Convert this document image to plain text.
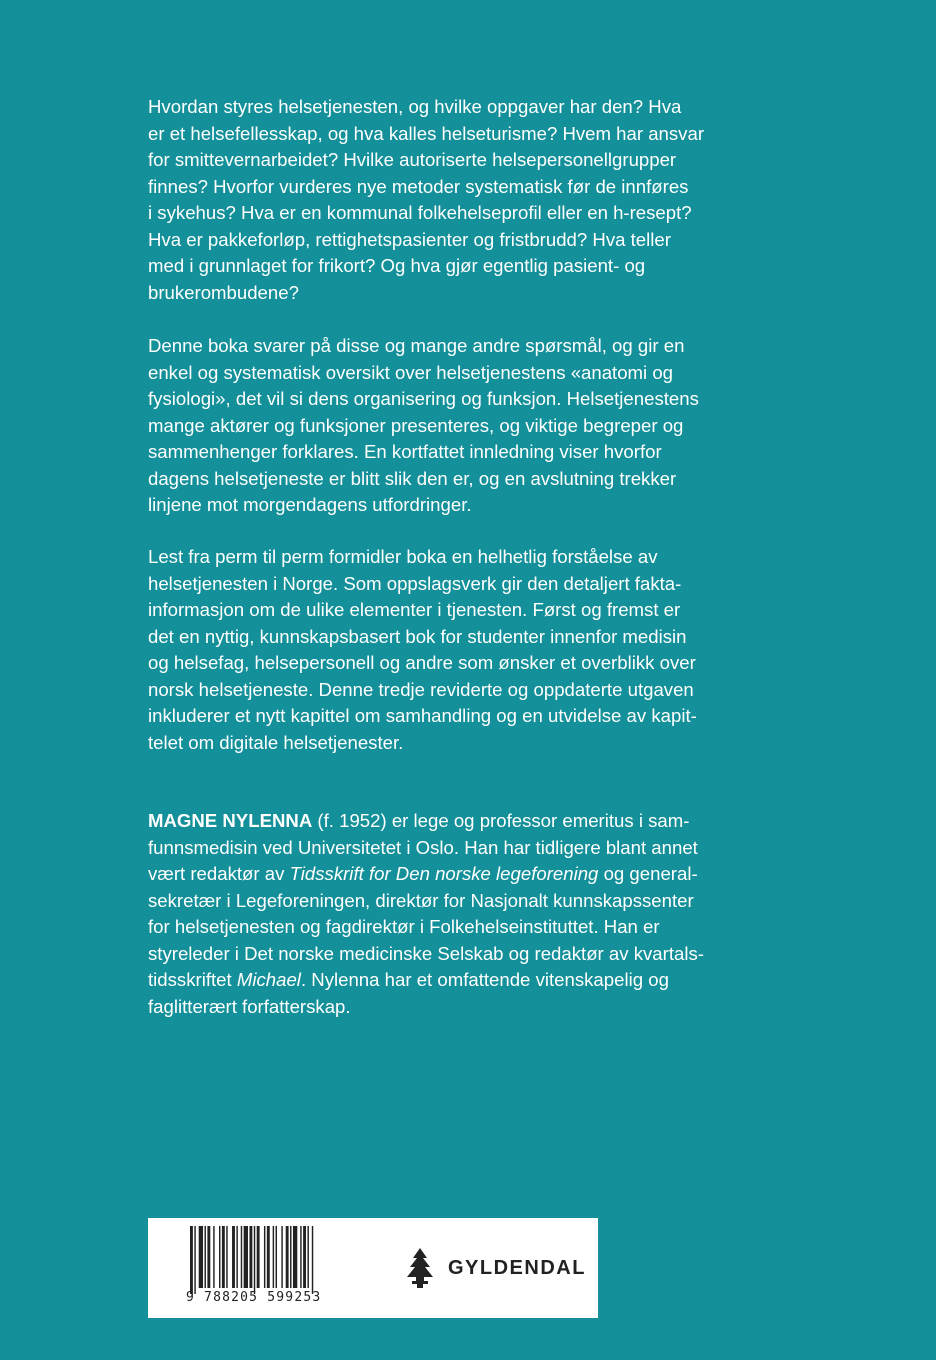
Hvordan styres helsetjenesten, og hvilke oppgaver har den? Hva
er et helsefellesskap, og hva kalles helseturisme? Hvem har ansvar
for smittevernarbeidet? Hvilke autoriserte helsepersonellgrupper
finnes? Hvorfor vurderes nye metoder systematisk før de innføres
i sykehus? Hva er en kommunal folkehelseprofil eller en h-resept?
Hva er pakkeforløp, rettighetspasienter og fristbrudd? Hva teller
med i grunnlaget for frikort? Og hva gjør egentlig pasient- og
brukerombudene?
Denne boka svarer på disse og mange andre spørsmål, og gir en
enkel og systematisk oversikt over helsetjenestens «anatomi og
fysiologi», det vil si dens organisering og funksjon. Helsetjenestens
mange aktører og funksjoner presenteres, og viktige begreper og
sammenhenger forklares. En kortfattet innledning viser hvorfor
dagens helsetjeneste er blitt slik den er, og en avslutning trekker
linjene mot morgendagens utfordringer.
Lest fra perm til perm formidler boka en helhetlig forståelse av
helsetjenesten i Norge. Som oppslagsverk gir den detaljert fakta-
informasjon om de ulike elementer i tjenesten. Først og fremst er
det en nyttig, kunnskapsbasert bok for studenter innenfor medisin
og helsefag, helsepersonell og andre som ønsker et overblikk over
norsk helsetjeneste. Denne tredje reviderte og oppdaterte utgaven
inkluderer et nytt kapittel om samhandling og en utvidelse av kapit-
telet om digitale helsetjenester.
MAGNE NYLENNA (f. 1952) er lege og professor emeritus i sam-
funnsmedisin ved Universitetet i Oslo. Han har tidligere blant annet
vært redaktør av Tidsskrift for Den norske legeforening og general-
sekretær i Legeforeningen, direktør for Nasjonalt kunnskapssenter
for helsetjenesten og fagdirektør i Folkehelseinstituttet. Han er
styreleder i Det norske medicinske Selskab og redaktør av kvartals-
tidsskriftet Michael. Nylenna har et omfattende vitenskapelig og
faglitterært forfatterskap.
9 788205 599253
GYLDENDAL
